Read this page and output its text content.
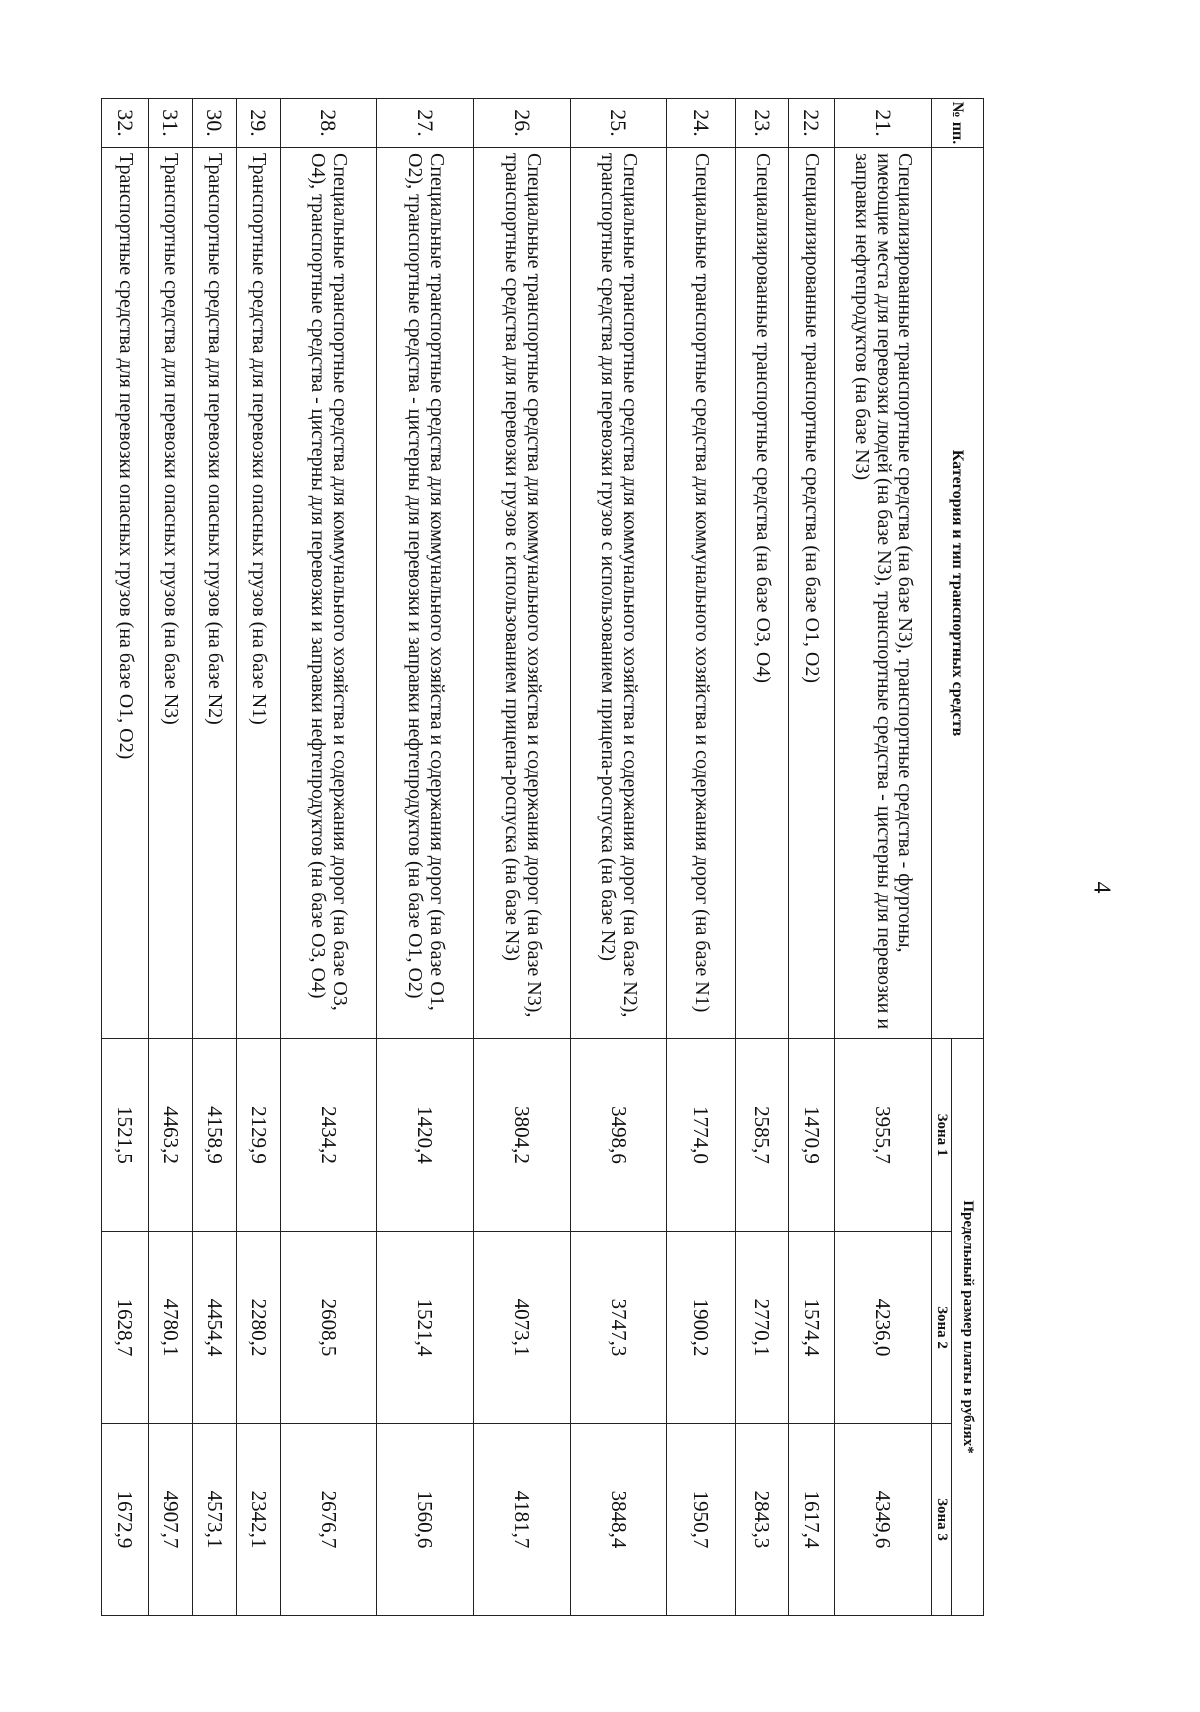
4
№ пп.	Категория и тип транспортных средств	Предельный размер платы в рублях*		
		Зона 1	Зона 2	Зона 3
21.	Специализированные транспортные средства (на базе N3), транспортные средства - фургоны, имеющие места для перевозки людей (на базе N3), транспортные средства - цистерны для перевозки и заправки нефтепродуктов (на базе N3)	3955,7	4236,0	4349,6
22.	Специализированные транспортные средства (на базе O1, O2)	1470,9	1574,4	1617,4
23.	Специализированные транспортные средства (на базе O3, O4)	2585,7	2770,1	2843,3
24.	Специальные транспортные средства для коммунального хозяйства и содержания дорог (на базе N1)	1774,0	1900,2	1950,7
25.	Специальные транспортные средства для коммунального хозяйства и содержания дорог (на базе N2), транспортные средства для перевозки грузов с использованием прицепа-роспуска (на базе N2)	3498,6	3747,3	3848,4
26.	Специальные транспортные средства для коммунального хозяйства и содержания дорог (на базе N3), транспортные средства для перевозки грузов с использованием прицепа-роспуска (на базе N3)	3804,2	4073,1	4181,7
27.	Специальные транспортные средства для коммунального хозяйства и содержания дорог (на базе O1, O2), транспортные средства - цистерны для перевозки и заправки нефтепродуктов (на базе O1, O2)	1420,4	1521,4	1560,6
28.	Специальные транспортные средства для коммунального хозяйства и содержания дорог (на базе O3, O4), транспортные средства - цистерны для перевозки и заправки нефтепродуктов (на базе O3, O4)	2434,2	2608,5	2676,7
29.	Транспортные средства для перевозки опасных грузов (на базе N1)	2129,9	2280,2	2342,1
30.	Транспортные средства для перевозки опасных грузов (на базе N2)	4158,9	4454,4	4573,1
31.	Транспортные средства для перевозки опасных грузов (на базе N3)	4463,2	4780,1	4907,7
32.	Транспортные средства для перевозки опасных грузов (на базе O1, O2)	1521,5	1628,7	1672,9
